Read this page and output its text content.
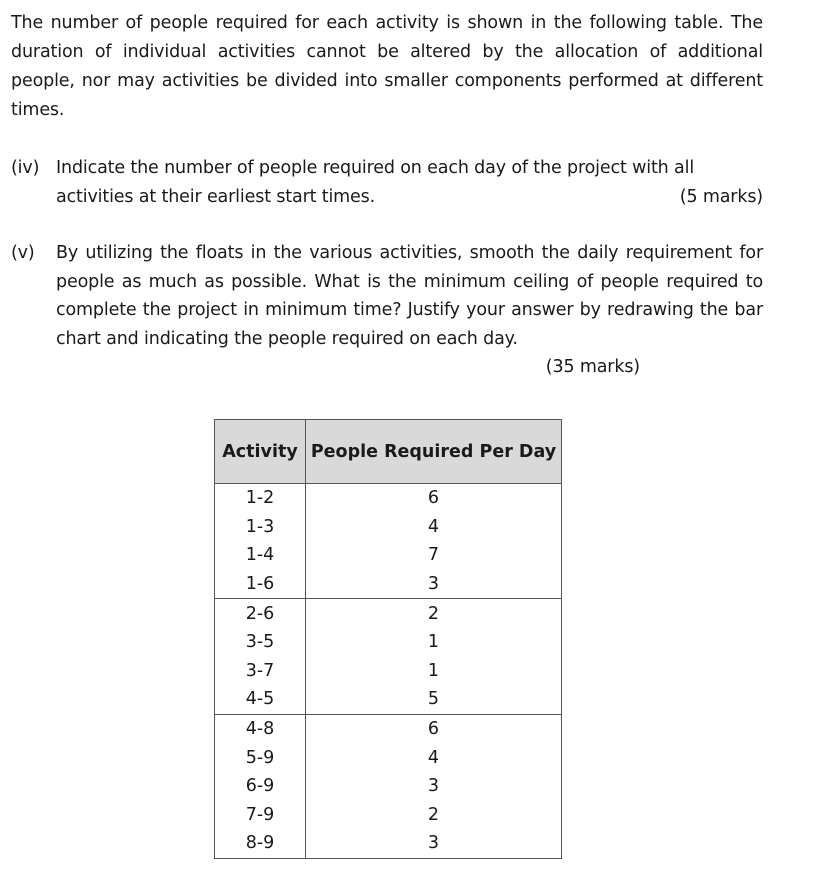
The number of people required for each activity is shown in the following table. The duration of individual activities cannot be altered by the allocation of additional people, nor may activities be divided into smaller components performed at different times.

(iv) Indicate the number of people required on each day of the project with all
activities at their earliest start times.	(5 marks)
(v) By utilizing the floats in the various activities, smooth the daily requirement for people as much as possible. What is the minimum ceiling of people required to complete the project in minimum time? Justify your answer by redrawing the bar chart and indicating the people required on each day.
(35 marks)
Activity	People Required Per Day
1-2	6
1-3	4
1-4	7
1-6	3
2-6	2
3-5	1
3-7	1
4-5	5
4-8	6
5-9	4
6-9	3
7-9	2
8-9	3
